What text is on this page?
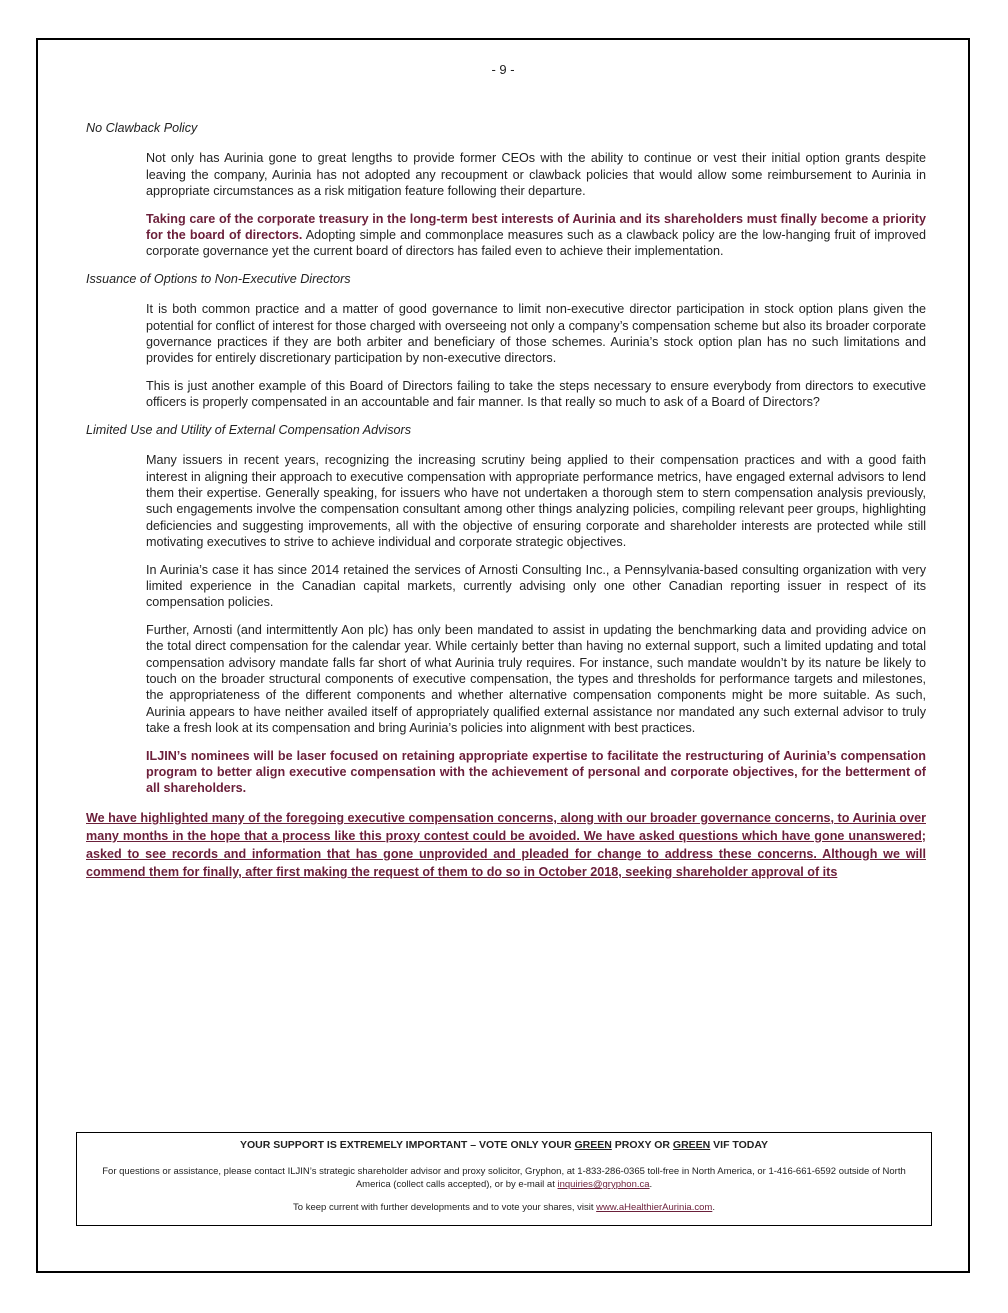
- 9 -
No Clawback Policy

Not only has Aurinia gone to great lengths to provide former CEOs with the ability to continue or vest their initial option grants despite leaving the company, Aurinia has not adopted any recoupment or clawback policies that would allow some reimbursement to Aurinia in appropriate circumstances as a risk mitigation feature following their departure.

Taking care of the corporate treasury in the long-term best interests of Aurinia and its shareholders must finally become a priority for the board of directors. Adopting simple and commonplace measures such as a clawback policy are the low-hanging fruit of improved corporate governance yet the current board of directors has failed even to achieve their implementation.

Issuance of Options to Non-Executive Directors

It is both common practice and a matter of good governance to limit non-executive director participation in stock option plans given the potential for conflict of interest for those charged with overseeing not only a company’s compensation scheme but also its broader corporate governance practices if they are both arbiter and beneficiary of those schemes. Aurinia’s stock option plan has no such limitations and provides for entirely discretionary participation by non-executive directors.

This is just another example of this Board of Directors failing to take the steps necessary to ensure everybody from directors to executive officers is properly compensated in an accountable and fair manner. Is that really so much to ask of a Board of Directors?

Limited Use and Utility of External Compensation Advisors

Many issuers in recent years, recognizing the increasing scrutiny being applied to their compensation practices and with a good faith interest in aligning their approach to executive compensation with appropriate performance metrics, have engaged external advisors to lend them their expertise. Generally speaking, for issuers who have not undertaken a thorough stem to stern compensation analysis previously, such engagements involve the compensation consultant among other things analyzing policies, compiling relevant peer groups, highlighting deficiencies and suggesting improvements, all with the objective of ensuring corporate and shareholder interests are protected while still motivating executives to strive to achieve individual and corporate strategic objectives.

In Aurinia’s case it has since 2014 retained the services of Arnosti Consulting Inc., a Pennsylvania-based consulting organization with very limited experience in the Canadian capital markets, currently advising only one other Canadian reporting issuer in respect of its compensation policies.

Further, Arnosti (and intermittently Aon plc) has only been mandated to assist in updating the benchmarking data and providing advice on the total direct compensation for the calendar year. While certainly better than having no external support, such a limited updating and total compensation advisory mandate falls far short of what Aurinia truly requires. For instance, such mandate wouldn’t by its nature be likely to touch on the broader structural components of executive compensation, the types and thresholds for performance targets and milestones, the appropriateness of the different components and whether alternative compensation components might be more suitable. As such, Aurinia appears to have neither availed itself of appropriately qualified external assistance nor mandated any such external advisor to truly take a fresh look at its compensation and bring Aurinia’s policies into alignment with best practices.

ILJIN’s nominees will be laser focused on retaining appropriate expertise to facilitate the restructuring of Aurinia’s compensation program to better align executive compensation with the achievement of personal and corporate objectives, for the betterment of all shareholders.

We have highlighted many of the foregoing executive compensation concerns, along with our broader governance concerns, to Aurinia over many months in the hope that a process like this proxy contest could be avoided. We have asked questions which have gone unanswered; asked to see records and information that has gone unprovided and pleaded for change to address these concerns. Although we will commend them for finally, after first making the request of them to do so in October 2018, seeking shareholder approval of its

YOUR SUPPORT IS EXTREMELY IMPORTANT – VOTE ONLY YOUR GREEN PROXY OR GREEN VIF TODAY
For questions or assistance, please contact ILJIN’s strategic shareholder advisor and proxy solicitor, Gryphon, at 1-833-286-0365 toll-free in North America, or 1-416-661-6592 outside of North America (collect calls accepted), or by e-mail at inquiries@gryphon.ca.
To keep current with further developments and to vote your shares, visit www.aHealthierAurinia.com.
